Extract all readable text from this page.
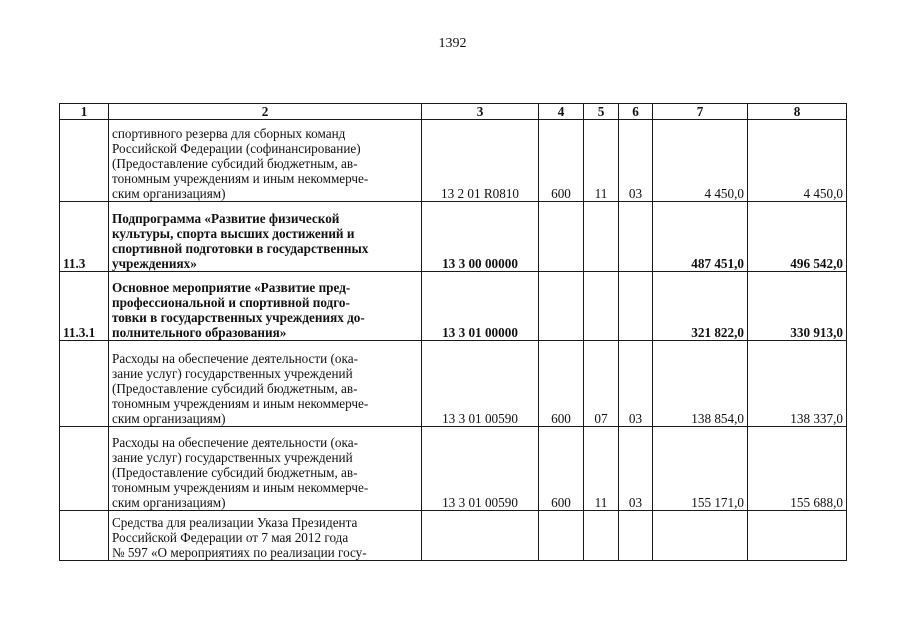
1392
1	2	3	4	5	6	7	8

	спортивного резерва для сборных команд
Российской Федерации (софинансирование)
(Предоставление субсидий бюджетным, ав-
тономным учреждениям и иным некоммерче-
ским организациям)	13 2 01 R0810	600	11	03	4 450,0	4 450,0
11.3	Подпрограмма «Развитие физической
культуры, спорта высших достижений и
спортивной подготовки в государственных
учреждениях»	13 3 00 00000				487 451,0	496 542,0
11.3.1	Основное мероприятие «Развитие пред-
профессиональной и спортивной подго-
товки в государственных учреждениях до-
полнительного образования»	13 3 01 00000				321 822,0	330 913,0

	Расходы на обеспечение деятельности (ока-
зание услуг) государственных учреждений
(Предоставление субсидий бюджетным, ав-
тономным учреждениям и иным некоммерче-
ским организациям)	13 3 01 00590	600	07	03	138 854,0	138 337,0

	Расходы на обеспечение деятельности (ока-
зание услуг) государственных учреждений
(Предоставление субсидий бюджетным, ав-
тономным учреждениям и иным некоммерче-
ским организациям)	13 3 01 00590	600	11	03	155 171,0	155 688,0

	Средства для реализации Указа Президента
Российской Федерации от 7 мая 2012 года
№ 597 «О мероприятиях по реализации госу-						
